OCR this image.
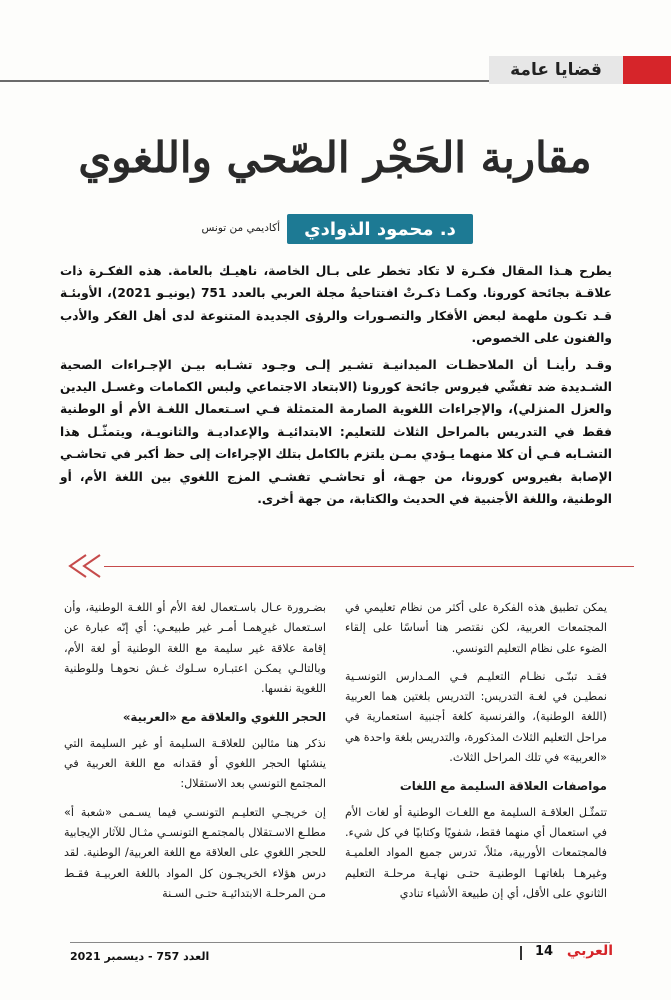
قضايا عامة
مقاربة الحَجْر الصّحي واللغوي
د. محمود الذوادي
أكاديمي من تونس

يطرح هـذا المقال فكـرة لا تكاد تخطر على بـال الخاصة، ناهيـك بالعامة. هذه الفكـرة ذات علاقـة بجائحة كورونا. وكمـا ذكـرتْ افتتاحيةُ مجلة العربي بالعدد 751 (يونيـو 2021)، الأوبئـة قـد تكـون ملهمة لبعض الأفكار والتصـورات والرؤى الجديدة المتنوعة لدى أهل الفكر والأدب والفنون على الخصوص.

وقـد رأينـا أن الملاحظـات الميدانيـة تشـير إلـى وجـود تشـابه بيـن الإجـراءات الصحية الشـديدة ضد تفشّي فيروس جائحة كورونا (الابتعاد الاجتماعي ولبس الكمامات وغسـل اليدين والعزل المنزلي)، والإجراءات اللغوية الصارمة المتمثلة فـي اسـتعمال اللغـة الأم أو الوطنية فقط في التدريس بالمراحل الثلاث للتعليم: الابتدائيـة والإعداديـة والثانويـة، ويتمثّـل هذا التشـابه فـي أن كلا منهما يـؤدي بمـن يلتزم بالكامل بتلك الإجراءات إلى حظ أكبر في تحاشـي الإصابة بفيروس كورونا، من جهـة، أو تحاشـي تفشـي المزج اللغوي بين اللغة الأم، أو الوطنية، واللغة الأجنبية في الحديث والكتابة، من جهة أخرى.

يمكن تطبيق هذه الفكرة على أكثر من نظام تعليمي في المجتمعات العربية، لكن نقتصر هنا أساسًا على إلقاء الضوء على نظام التعليم التونسي.

فقـد تبنّـى نظـام التعليـم فـي المـدارس التونسـية نمطيـن في لغـة التدريس: التدريس بلغتين هما العربية (اللغة الوطنية)، والفرنسية كلغة أجنبية استعمارية في مراحل التعليم الثلاث المذكورة، والتدريس بلغة واحدة هي «العربية» في تلك المراحل الثلاث.

مواصفات العلاقة السليمة مع اللغات

تتمثّـل العلاقـة السليمة مع اللغـات الوطنية أو لغات الأم في استعمال أي منهما فقط، شفويًا وكتابيًا في كل شيء. فالمجتمعات الأوربية، مثلاً، تدرس جميع المواد العلميـة وغيرهـا بلغاتهـا الوطنيـة حتـى نهايـة مرحلـة التعليم الثانوي على الأقل، أي إن طبيعة الأشياء تنادي

بضـرورة عـال باسـتعمال لغة الأم أو اللغـة الوطنية، وأن اسـتعمال غيرِهمـا أمـر غير طبيعـي: أي إنّه عبارة عن إقامة علاقة غير سليمة مع اللغة الوطنية أو لغة الأم، وبالتالـي يمكـن اعتبـاره سـلوك غـش نحوهـا وللوطنية اللغوية نفسها.

الحجر اللغوي والعلاقة مع «العربية»

نذكر هنا مثالين للعلاقـة السليمة أو غير السليمة التي ينشئها الحجر اللغوي أو فقدانه مع اللغة العربية في المجتمع التونسي بعد الاستقلال:

إن خريجـي التعليـم التونسـي فيما يسـمى «شعبة أ» مطلـع الاسـتقلال بالمجتمـع التونسـي مثـال للآثار الإيجابية للحجر اللغوي على العلاقة مع اللغة العربية/ الوطنية. لقد درس هؤلاء الخريجـون كل المواد باللغة العربيـة فقـط مـن المرحلـة الابتدائيـة حتـى السـنة

العربي
14
العدد 757 - ديسمبر 2021
